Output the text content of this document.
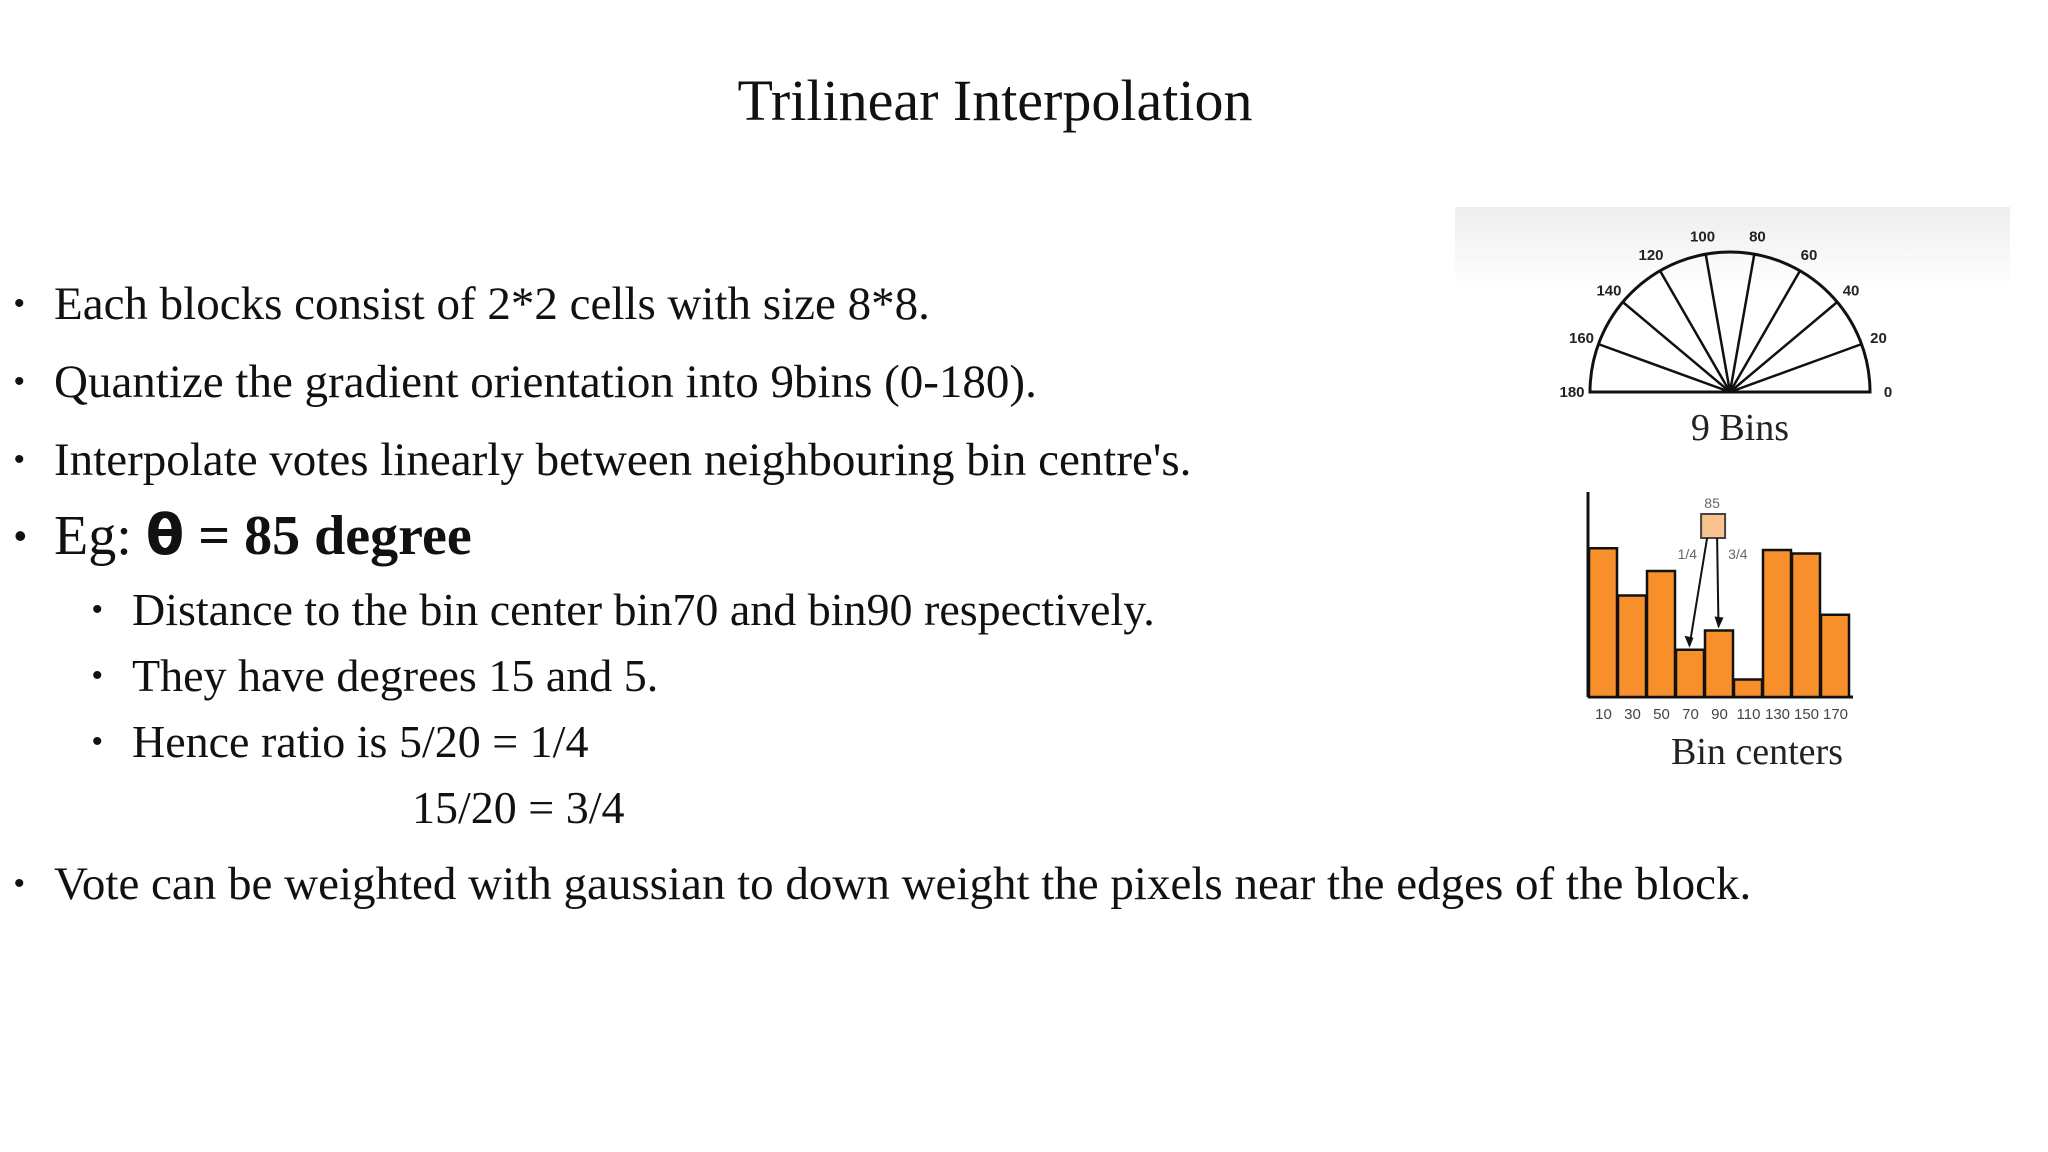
Trilinear Interpolation
• Each blocks consist of 2*2 cells with size 8*8.
• Quantize the gradient orientation into 9bins (0-180).
• Interpolate votes linearly between neighbouring bin centre's.
• Eg: θ = 85 degree
• Distance to the bin center bin70 and bin90 respectively.
• They have degrees 15 and 5.
• Hence ratio is 5/20 = 1/4
15/20 = 3/4
• Vote can be weighted with gaussian to down weight the pixels near the edges of the block.
0
20
40
60
80
100
120
140
160
180
9 Bins
10 30 50 70 90 110 130 150 170
85
1/4 3/4
Bin centers
